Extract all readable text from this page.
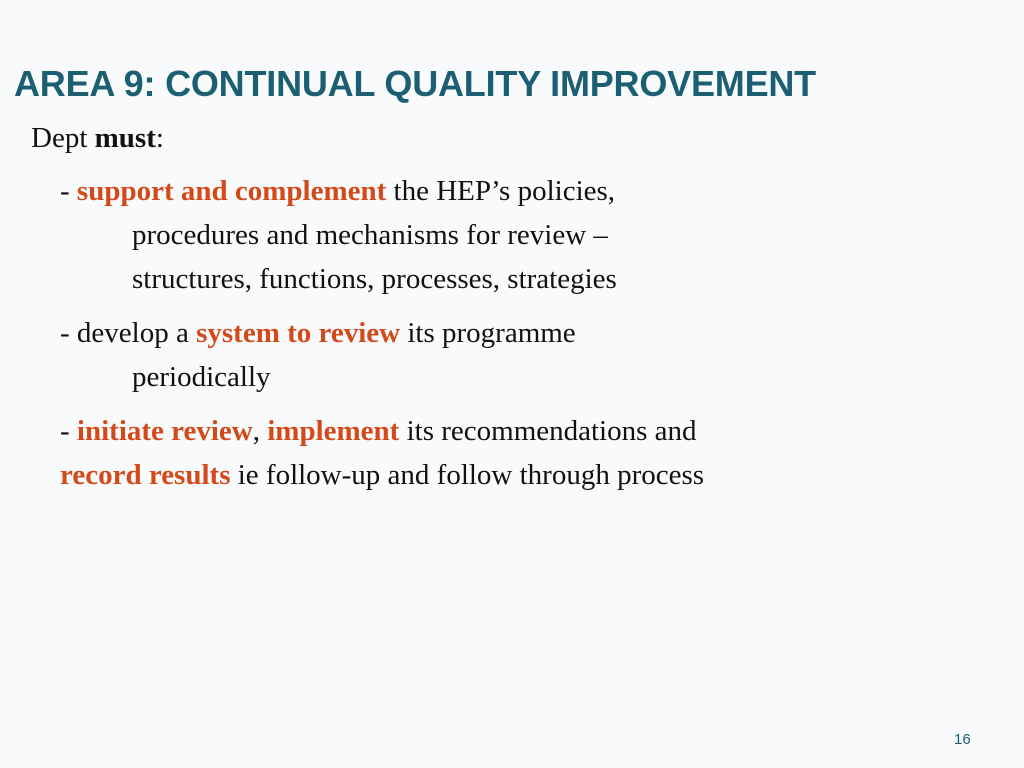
AREA 9: CONTINUAL QUALITY IMPROVEMENT
Dept must:
- support and complement the HEP’s policies,
procedures and mechanisms for review –
structures, functions, processes, strategies
- develop a system to review its programme
periodically
- initiate review, implement its recommendations and
record results ie follow-up and follow through process
16
